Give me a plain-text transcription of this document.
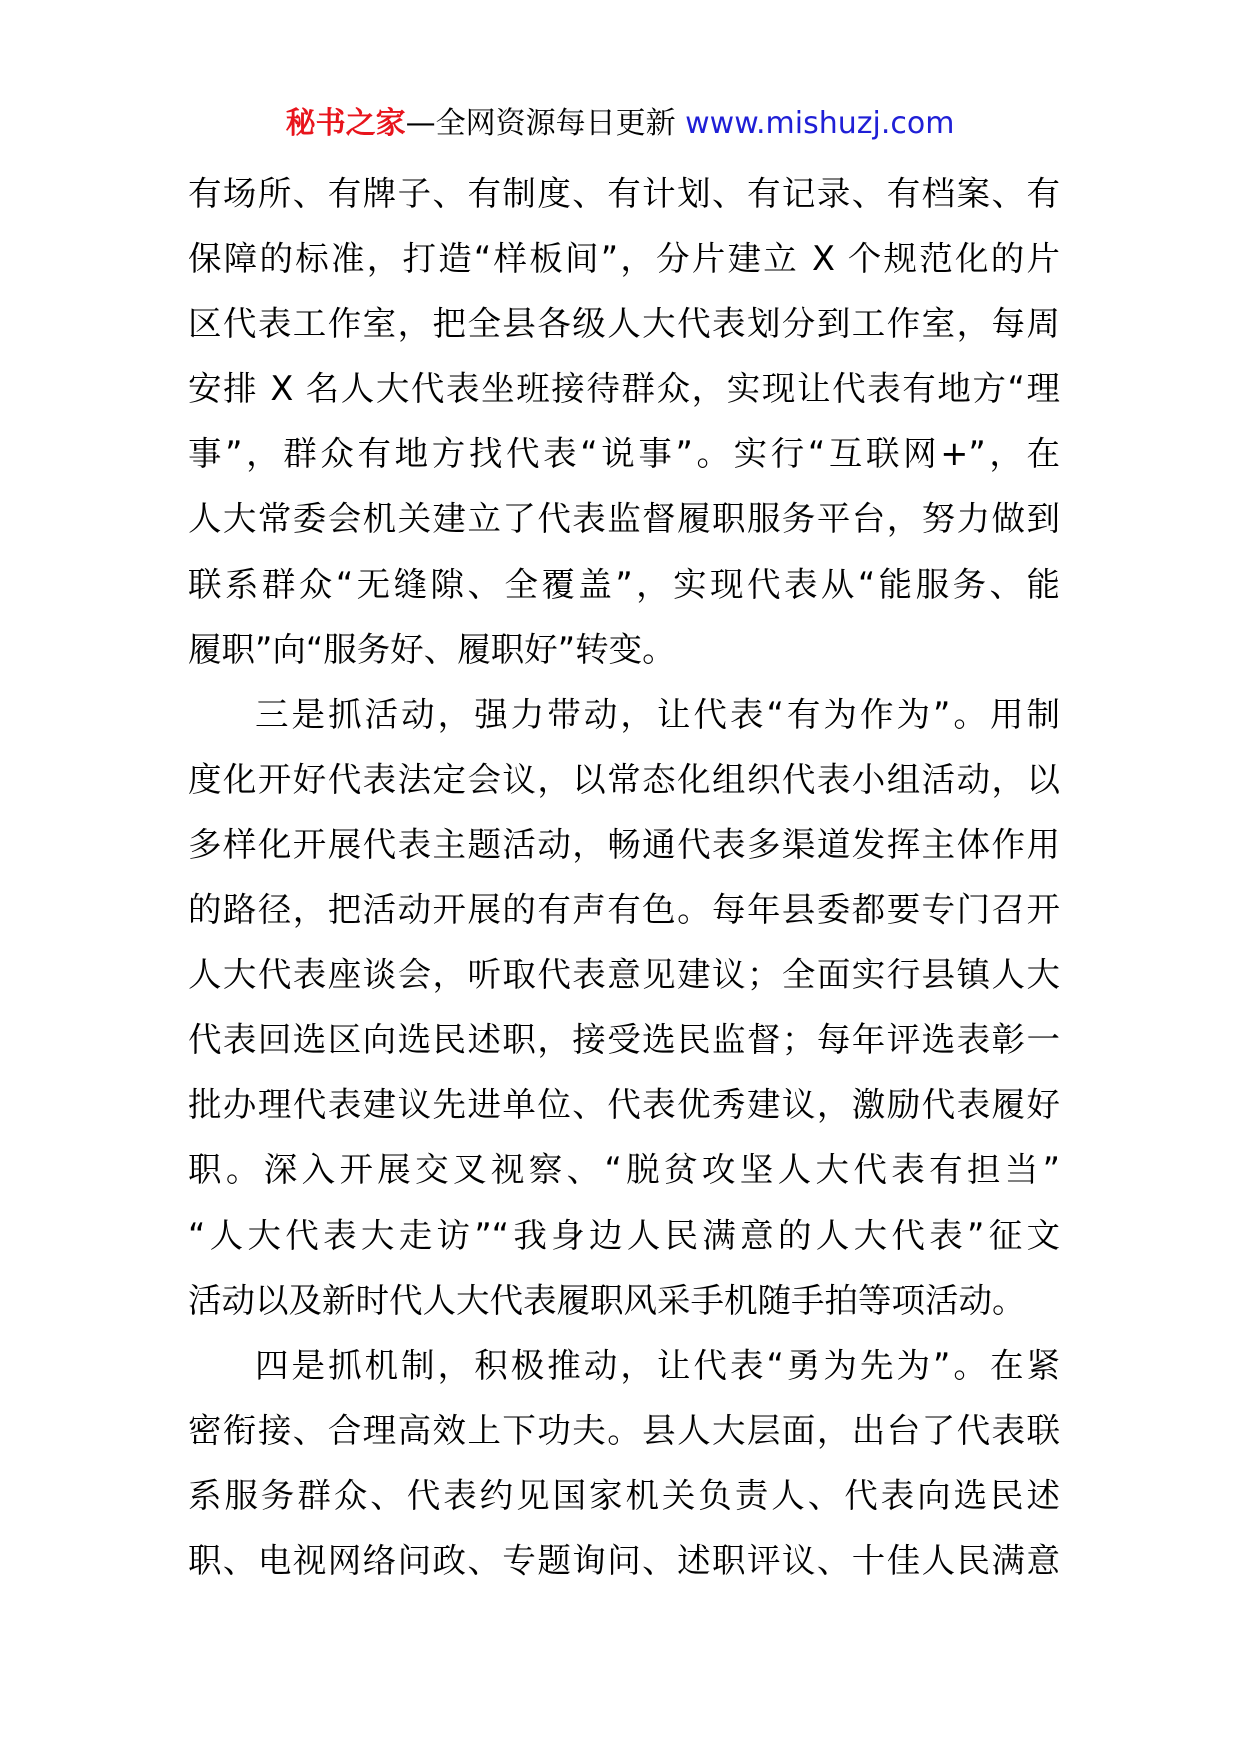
秘书之家—全网资源每日更新 www.mishuzj.com
有场所、有牌子、有制度、有计划、有记录、有档案、有
保障的标准，打造“样板间”，分片建立 X 个规范化的片
区代表工作室，把全县各级人大代表划分到工作室，每周
安排 X 名人大代表坐班接待群众，实现让代表有地方“理
事”，群众有地方找代表“说事”。实行“互联网+”，在
人大常委会机关建立了代表监督履职服务平台，努力做到
联系群众“无缝隙、全覆盖”，实现代表从“能服务、能
履职”向“服务好、履职好”转变。
三是抓活动，强力带动，让代表“有为作为”。用制
度化开好代表法定会议，以常态化组织代表小组活动，以
多样化开展代表主题活动，畅通代表多渠道发挥主体作用
的路径，把活动开展的有声有色。每年县委都要专门召开
人大代表座谈会，听取代表意见建议；全面实行县镇人大
代表回选区向选民述职，接受选民监督；每年评选表彰一
批办理代表建议先进单位、代表优秀建议，激励代表履好
职。深入开展交叉视察、“脱贫攻坚人大代表有担当”
“人大代表大走访”“我身边人民满意的人大代表”征文
活动以及新时代人大代表履职风采手机随手拍等项活动。
四是抓机制，积极推动，让代表“勇为先为”。在紧
密衔接、合理高效上下功夫。县人大层面，出台了代表联
系服务群众、代表约见国家机关负责人、代表向选民述
职、电视网络问政、专题询问、述职评议、十佳人民满意
